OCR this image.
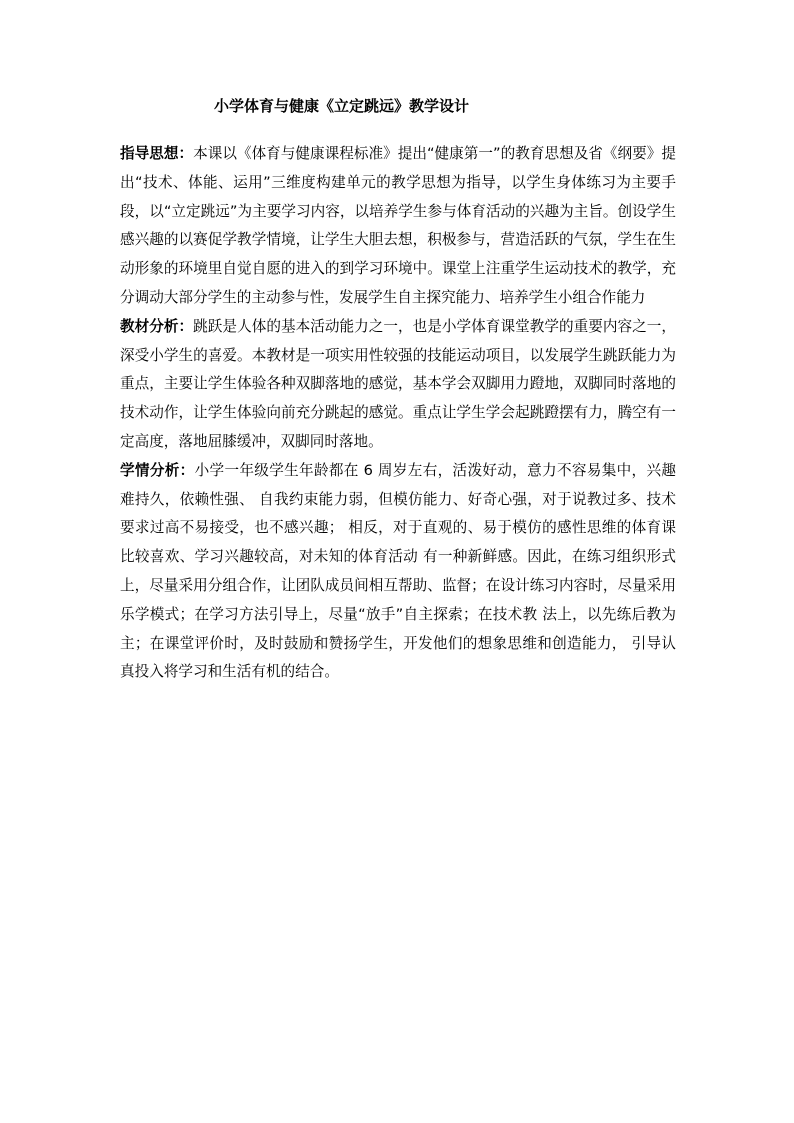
小学体育与健康《立定跳远》教学设计

指导思想：本课以《体育与健康课程标准》提出“健康第一”的教育思想及省《纲要》提出“技术、体能、运用”三维度构建单元的教学思想为指导，以学生身体练习为主要手段，以“立定跳远”为主要学习内容，以培养学生参与体育活动的兴趣为主旨。创设学生感兴趣的以赛促学教学情境，让学生大胆去想，积极参与，营造活跃的气氛，学生在生动形象的环境里自觉自愿的进入的到学习环境中。课堂上注重学生运动技术的教学，充分调动大部分学生的主动参与性，发展学生自主探究能力、培养学生小组合作能力

教材分析：跳跃是人体的基本活动能力之一，也是小学体育课堂教学的重要内容之一，深受小学生的喜爱。本教材是一项实用性较强的技能运动项目，以发展学生跳跃能力为重点，主要让学生体验各种双脚落地的感觉，基本学会双脚用力蹬地，双脚同时落地的技术动作，让学生体验向前充分跳起的感觉。重点让学生学会起跳蹬摆有力，腾空有一定高度，落地屈膝缓冲，双脚同时落地。

学情分析：小学一年级学生年龄都在 6 周岁左右，活泼好动，意力不容易集中，兴趣难持久，依赖性强、 自我约束能力弱，但模仿能力、好奇心强，对于说教过多、技术要求过高不易接受，也不感兴趣； 相反，对于直观的、易于模仿的感性思维的体育课比较喜欢、学习兴趣较高，对未知的体育活动 有一种新鲜感。因此，在练习组织形式上，尽量采用分组合作，让团队成员间相互帮助、监督；在设计练习内容时，尽量采用乐学模式；在学习方法引导上，尽量“放手”自主探索；在技术教 法上，以先练后教为主；在课堂评价时，及时鼓励和赞扬学生，开发他们的想象思维和创造能力， 引导认真投入将学习和生活有机的结合。
